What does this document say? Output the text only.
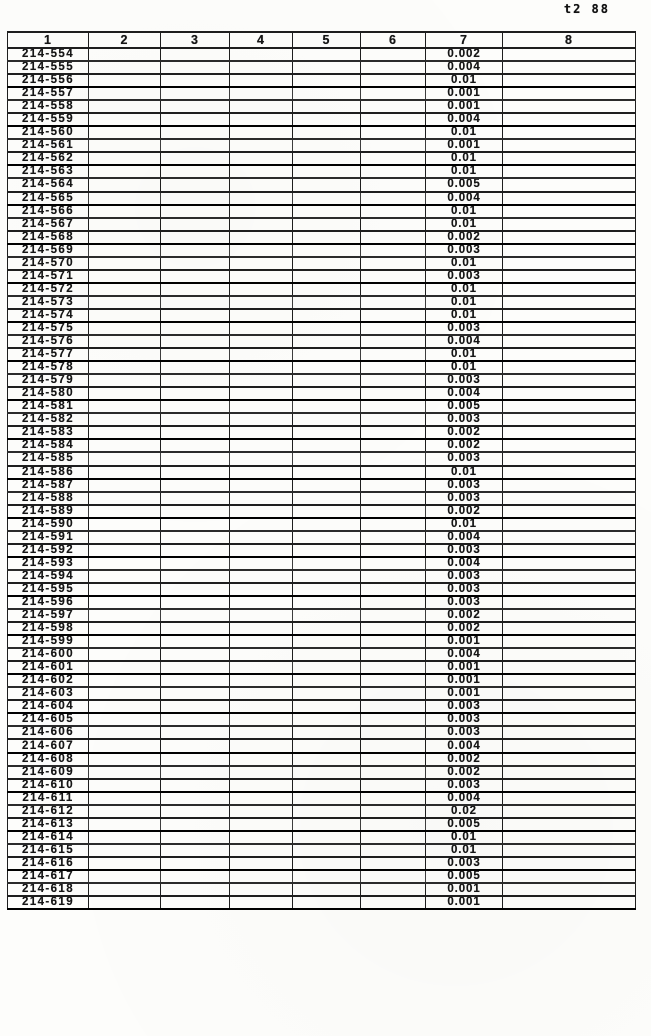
t2 88
1	2	3	4	5	6	7	8
214-554						0.002	
214-555						0.004	
214-556						0.01	
214-557						0.001	
214-558						0.001	
214-559						0.004	
214-560						0.01	
214-561						0.001	
214-562						0.01	
214-563						0.01	
214-564						0.005	
214-565						0.004	
214-566						0.01	
214-567						0.01	
214-568						0.002	
214-569						0.003	
214-570						0.01	
214-571						0.003	
214-572						0.01	
214-573						0.01	
214-574						0.01	
214-575						0.003	
214-576						0.004	
214-577						0.01	
214-578						0.01	
214-579						0.003	
214-580						0.004	
214-581						0.005	
214-582						0.003	
214-583						0.002	
214-584						0.002	
214-585						0.003	
214-586						0.01	
214-587						0.003	
214-588						0.003	
214-589						0.002	
214-590						0.01	
214-591						0.004	
214-592						0.003	
214-593						0.004	
214-594						0.003	
214-595						0.003	
214-596						0.003	
214-597						0.002	
214-598						0.002	
214-599						0.001	
214-600						0.004	
214-601						0.001	
214-602						0.001	
214-603						0.001	
214-604						0.003	
214-605						0.003	
214-606						0.003	
214-607						0.004	
214-608						0.002	
214-609						0.002	
214-610						0.003	
214-611						0.004	
214-612						0.02	
214-613						0.005	
214-614						0.01	
214-615						0.01	
214-616						0.003	
214-617						0.005	
214-618						0.001	
214-619						0.001	
